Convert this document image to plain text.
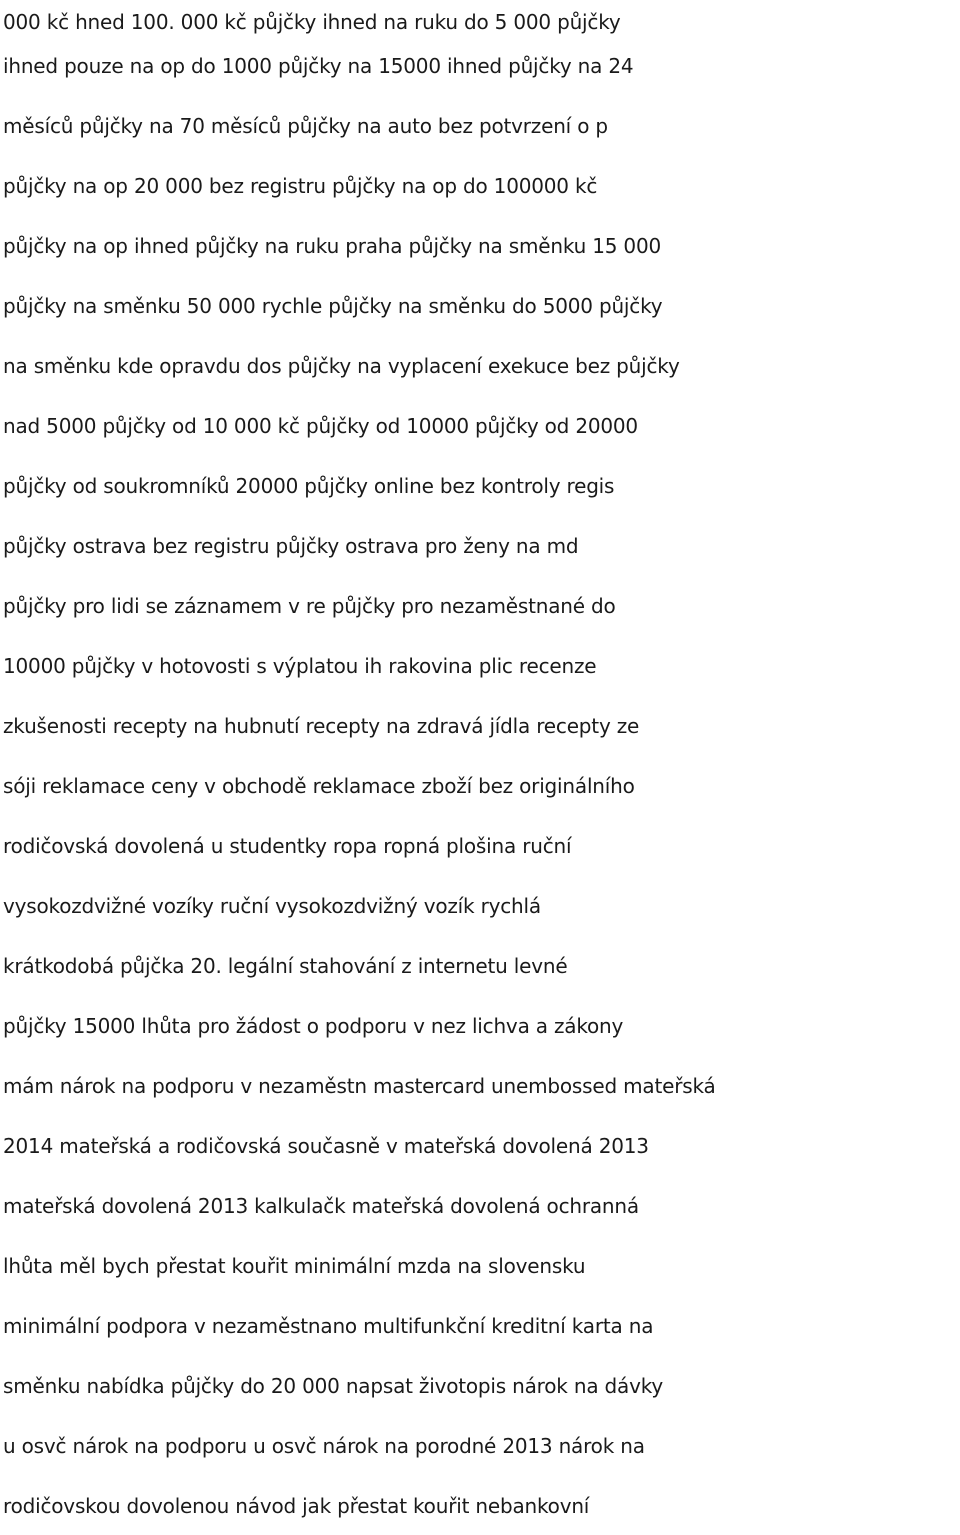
000 kč hned 100. 000 kč půjčky ihned na ruku do 5 000 půjčky
ihned pouze na op do 1000 půjčky na 15000 ihned půjčky na 24
měsíců půjčky na 70 měsíců půjčky na auto bez potvrzení o p
půjčky na op 20 000 bez registru půjčky na op do 100000 kč
půjčky na op ihned půjčky na ruku praha půjčky na směnku 15 000
půjčky na směnku 50 000 rychle půjčky na směnku do 5000 půjčky
na směnku kde opravdu dos půjčky na vyplacení exekuce bez půjčky
nad 5000 půjčky od 10 000 kč půjčky od 10000 půjčky od 20000
půjčky od soukromníků 20000 půjčky online bez kontroly regis
půjčky ostrava bez registru půjčky ostrava pro ženy na md
půjčky pro lidi se záznamem v re půjčky pro nezaměstnané do
10000 půjčky v hotovosti s výplatou ih rakovina plic recenze
zkušenosti recepty na hubnutí recepty na zdravá jídla recepty ze
sóji reklamace ceny v obchodě reklamace zboží bez originálního
rodičovská dovolená u studentky ropa ropná plošina ruční
vysokozdvižné vozíky ruční vysokozdvižný vozík rychlá
krátkodobá půjčka 20. legální stahování z internetu levné
půjčky 15000 lhůta pro žádost o podporu v nez lichva a zákony
mám nárok na podporu v nezaměstn mastercard unembossed mateřská
2014 mateřská a rodičovská současně v mateřská dovolená 2013
mateřská dovolená 2013 kalkulačk mateřská dovolená ochranná
lhůta měl bych přestat kouřit minimální mzda na slovensku
minimální podpora v nezaměstnano multifunkční kreditní karta na
směnku nabídka půjčky do 20 000 napsat životopis nárok na dávky
u osvč nárok na podporu u osvč nárok na porodné 2013 nárok na
rodičovskou dovolenou návod jak přestat kouřit nebankovní
